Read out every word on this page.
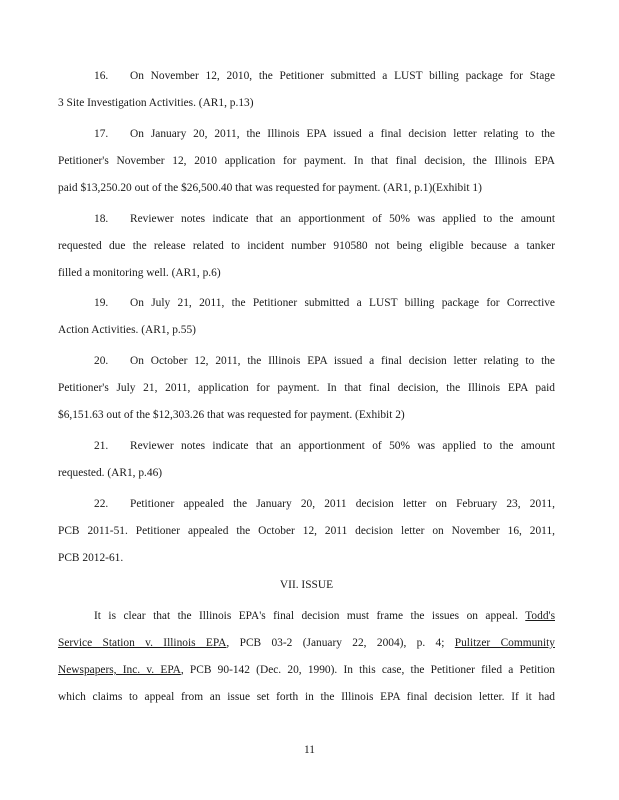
16. On November 12, 2010, the Petitioner submitted a LUST billing package for Stage
3 Site Investigation Activities. (AR1, p.13)
17. On January 20, 2011, the Illinois EPA issued a final decision letter relating to the
Petitioner's November 12, 2010 application for payment. In that final decision, the Illinois EPA
paid $13,250.20 out of the $26,500.40 that was requested for payment. (AR1, p.1)(Exhibit 1)
18. Reviewer notes indicate that an apportionment of 50% was applied to the amount
requested due the release related to incident number 910580 not being eligible because a tanker
filled a monitoring well. (AR1, p.6)
19. On July 21, 2011, the Petitioner submitted a LUST billing package for Corrective
Action Activities. (AR1, p.55)
20. On October 12, 2011, the Illinois EPA issued a final decision letter relating to the
Petitioner's July 21, 2011, application for payment. In that final decision, the Illinois EPA paid
$6,151.63 out of the $12,303.26 that was requested for payment. (Exhibit 2)
21. Reviewer notes indicate that an apportionment of 50% was applied to the amount
requested. (AR1, p.46)
22. Petitioner appealed the January 20, 2011 decision letter on February 23, 2011,
PCB 2011-51. Petitioner appealed the October 12, 2011 decision letter on November 16, 2011,
PCB 2012-61.
VII. ISSUE
It is clear that the Illinois EPA's final decision must frame the issues on appeal. Todd's
Service Station v. Illinois EPA, PCB 03-2 (January 22, 2004), p. 4; Pulitzer Community
Newspapers, Inc. v. EPA, PCB 90-142 (Dec. 20, 1990). In this case, the Petitioner filed a Petition
which claims to appeal from an issue set forth in the Illinois EPA final decision letter. If it had
11
